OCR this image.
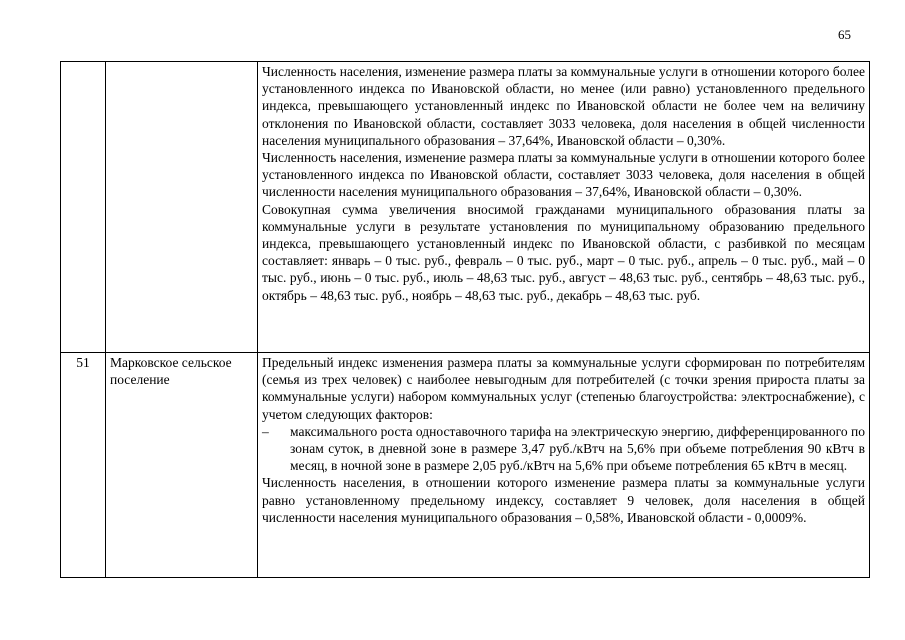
65

		Численность населения, изменение размера платы за коммунальные услуги в отношении которого более установленного индекса по Ивановской области, но менее (или равно) установленного предельного индекса, превышающего установленный индекс по Ивановской области не более чем на величину отклонения по Ивановской области, составляет 3033 человека, доля населения в общей численности населения муниципального образования – 37,64%, Ивановской области – 0,30%.

Численность населения, изменение размера платы за коммунальные услуги в отношении которого более установленного индекса по Ивановской области, составляет 3033 человека, доля населения в общей численности населения муниципального образования – 37,64%, Ивановской области – 0,30%.

Совокупная сумма увеличения вносимой гражданами муниципального образования платы за коммунальные услуги в результате установления по муниципальному образованию предельного индекса, превышающего установленный индекс по Ивановской области, с разбивкой по месяцам составляет: январь – 0 тыс. руб., февраль – 0 тыс. руб., март – 0 тыс. руб., апрель – 0 тыс. руб., май – 0 тыс. руб., июнь – 0 тыс. руб., июль – 48,63 тыс. руб., август – 48,63 тыс. руб., сентябрь – 48,63 тыс. руб., октябрь – 48,63 тыс. руб., ноябрь – 48,63 тыс. руб., декабрь – 48,63 тыс. руб.

51	Марковское сельское поселение	Предельный индекс изменения размера платы за коммунальные услуги сформирован по потребителям (семья из трех человек) с наиболее невыгодным для потребителей (с точки зрения прироста платы за коммунальные услуги) набором коммунальных услуг (степенью благоустройства: электроснабжение), с учетом следующих факторов:

– максимального роста одноставочного тарифа на электрическую энергию, дифференцированного по зонам суток, в дневной зоне в размере 3,47 руб./кВтч на 5,6% при объеме потребления 90 кВтч в месяц, в ночной зоне в размере 2,05 руб./кВтч на 5,6% при объеме потребления 65 кВтч в месяц.

Численность населения, в отношении которого изменение размера платы за коммунальные услуги равно установленному предельному индексу, составляет 9 человек, доля населения в общей численности населения муниципального образования – 0,58%, Ивановской области - 0,0009%.
